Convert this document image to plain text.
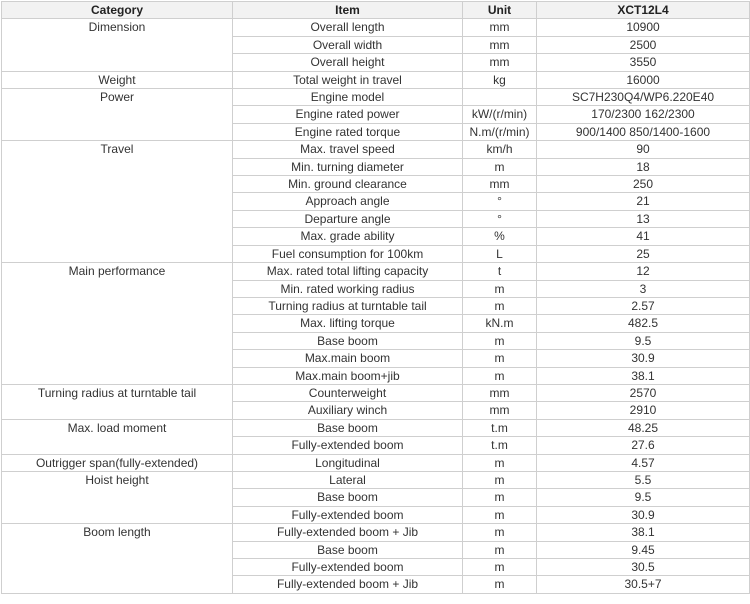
Category	Item	Unit	XCT12L4
Dimension	Overall length	mm	10900
	Overall width	mm	2500
	Overall height	mm	3550
Weight	Total weight in travel	kg	16000
Power	Engine model		SC7H230Q4/WP6.220E40
	Engine rated power	kW/(r/min)	170/2300 162/2300
	Engine rated torque	N.m/(r/min)	900/1400 850/1400-1600
Travel	Max. travel speed	km/h	90
	Min. turning diameter	m	18
	Min. ground clearance	mm	250
	Approach angle	°	21
	Departure angle	°	13
	Max. grade ability	%	41
	Fuel consumption for 100km	L	25
Main performance	Max. rated total lifting capacity	t	12
	Min. rated working radius	m	3
	Turning radius at turntable tail	m	2.57
	Max. lifting torque	kN.m	482.5
	Base boom	m	9.5
	Max.main boom	m	30.9
	Max.main boom+jib	m	38.1
Turning radius at turntable tail	Counterweight	mm	2570
	Auxiliary winch	mm	2910
Max. load moment	Base boom	t.m	48.25
	Fully-extended boom	t.m	27.6
Outrigger span(fully-extended)	Longitudinal	m	4.57
Hoist height	Lateral	m	5.5
	Base boom	m	9.5
	Fully-extended boom	m	30.9
Boom length	Fully-extended boom + Jib	m	38.1
	Base boom	m	9.45
	Fully-extended boom	m	30.5
	Fully-extended boom + Jib	m	30.5+7
